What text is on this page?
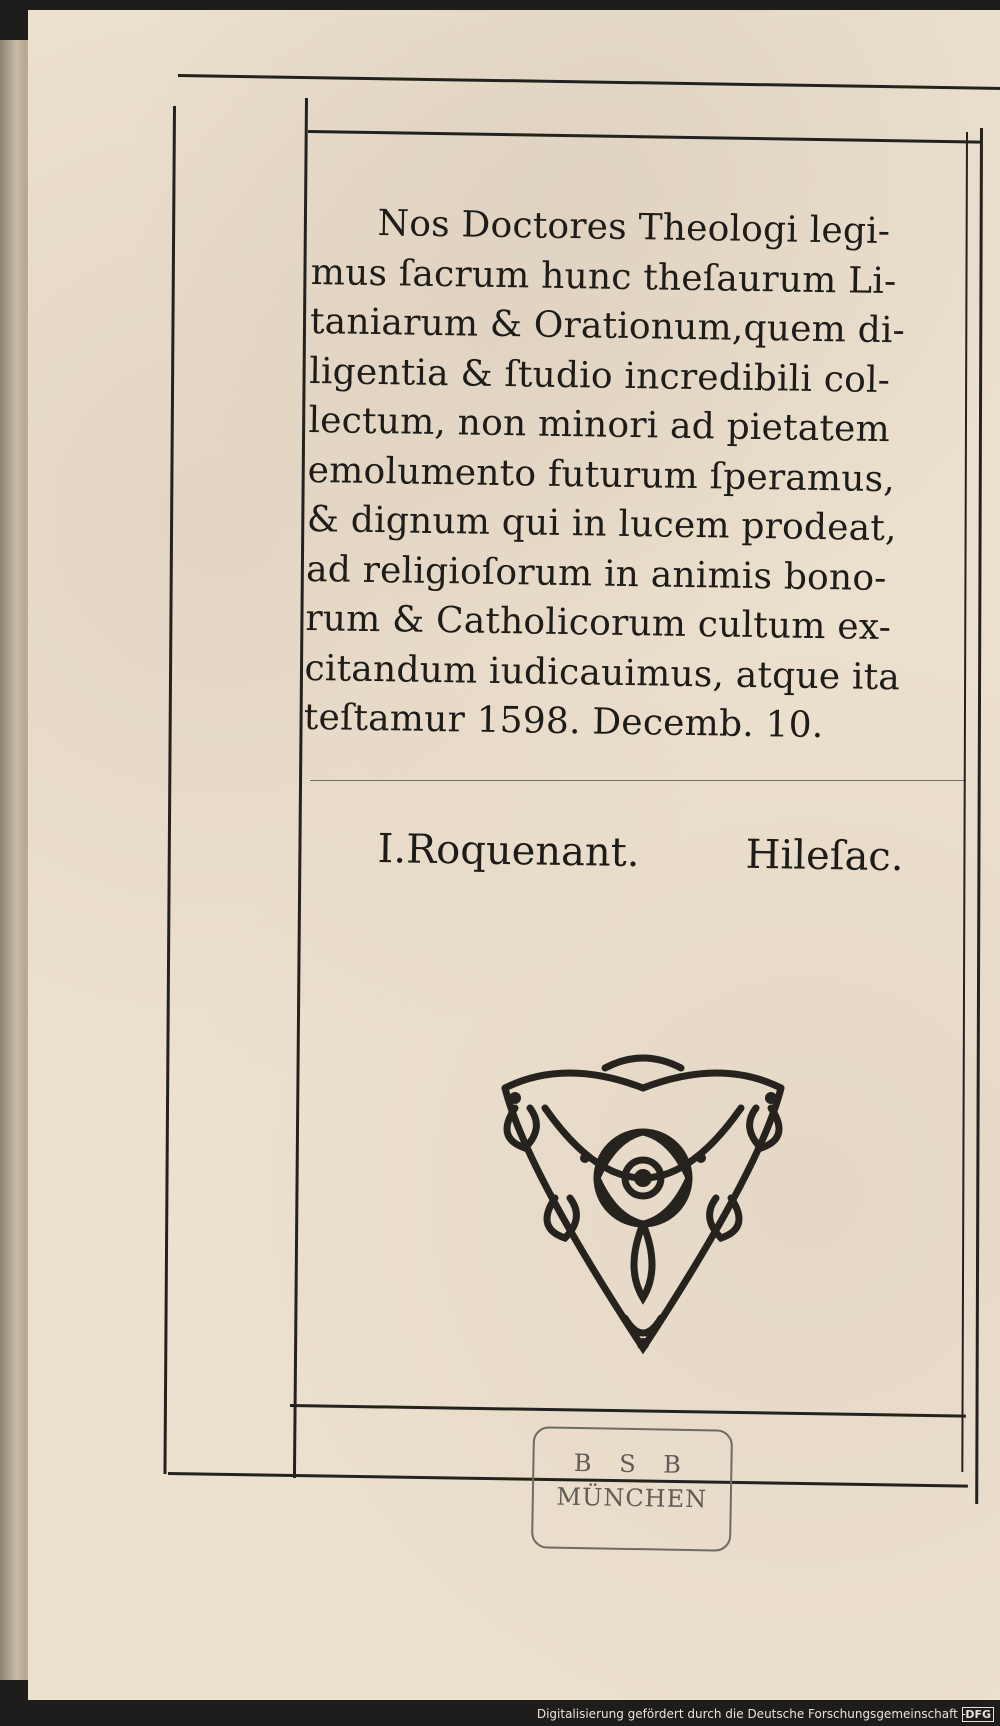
Nos Doctores Theologi legi-
mus ſacrum hunc theſaurum Li-
taniarum & Orationum,quem di-
ligentia & ſtudio incredibili col-
lectum, non minori ad pietatem
emolumento futurum ſperamus,
& dignum qui in lucem prodeat,
ad religioſorum in animis bono-
rum & Catholicorum cultum ex-
citandum iudicauimus, atque ita
teſtamur 1598. Decemb. 10.
I.Roquenant.	Hileſac.
B S B
MÜNCHEN
Digitalisierung gefördert durch die Deutsche Forschungsgemeinschaft - DFG
